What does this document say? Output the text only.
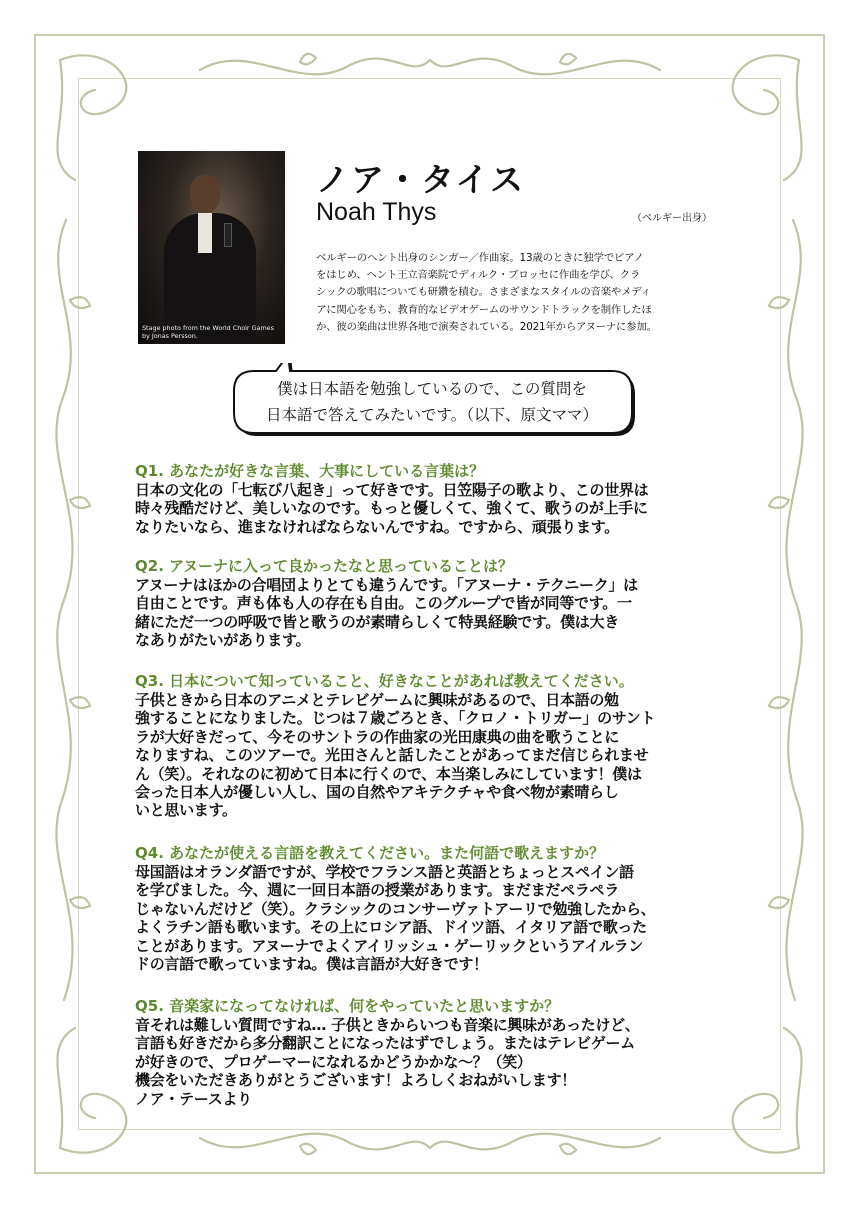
Stage photo from the World Choir Games
by Jonas Persson.
ノア・タイス
Noah Thys	（ベルギー出身）

ベルギーのヘント出身のシンガー／作曲家。13歳のときに独学でピアノ
をはじめ、ヘント王立音楽院でディルク・ブロッセに作曲を学び、クラ
シックの歌唱についても研鑽を積む。さまざまなスタイルの音楽やメディ
アに関心をもち、教育的なビデオゲームのサウンドトラックを制作したほ
か、彼の楽曲は世界各地で演奏されている。2021年からアヌーナに参加。

僕は日本語を勉強しているので、この質問を
日本語で答えてみたいです。（以下、原文ママ）

Q1. あなたが好きな言葉、大事にしている言葉は？

日本の文化の「七転び八起き」って好きです。日笠陽子の歌より、この世界は
時々残酷だけど、美しいなのです。もっと優しくて、強くて、歌うのが上手に
なりたいなら、進まなければならないんですね。ですから、頑張ります。

Q2. アヌーナに入って良かったなと思っていることは？

アヌーナはほかの合唱団よりとても違うんです。「アヌーナ・テクニーク」は
自由ことです。声も体も人の存在も自由。このグループで皆が同等です。一
緒にただ一つの呼吸で皆と歌うのが素晴らしくて特異経験です。僕は大き
なありがたいがあります。

Q3. 日本について知っていること、好きなことがあれば教えてください。

子供ときから日本のアニメとテレビゲームに興味があるので、日本語の勉
強することになりました。じつは７歳ごろとき、「クロノ・トリガー」のサント
ラが大好きだって、今そのサントラの作曲家の光田康典の曲を歌うことに
なりますね、このツアーで。光田さんと話したことがあってまだ信じられませ
ん（笑）。それなのに初めて日本に行くので、本当楽しみにしています！僕は
会った日本人が優しい人し、国の自然やアキテクチャや食べ物が素晴らし
いと思います。

Q4. あなたが使える言語を教えてください。また何語で歌えますか？

母国語はオランダ語ですが、学校でフランス語と英語とちょっとスペイン語
を学びました。今、週に一回日本語の授業があります。まだまだペラペラ
じゃないんだけど（笑）。クラシックのコンサーヴァトアーリで勉強したから、
よくラチン語も歌います。その上にロシア語、ドイツ語、イタリア語で歌った
ことがあります。アヌーナでよくアイリッシュ・ゲーリックというアイルラン
ドの言語で歌っていますね。僕は言語が大好きです！

Q5. 音楽家になってなければ、何をやっていたと思いますか？

音それは難しい質問ですね… 子供ときからいつも音楽に興味があったけど、
言語も好きだから多分翻訳ことになったはずでしょう。またはテレビゲーム
が好きので、プロゲーマーになれるかどうかかな～？（笑）
機会をいただきありがとうございます！よろしくおねがいします！
ノア・テースより
